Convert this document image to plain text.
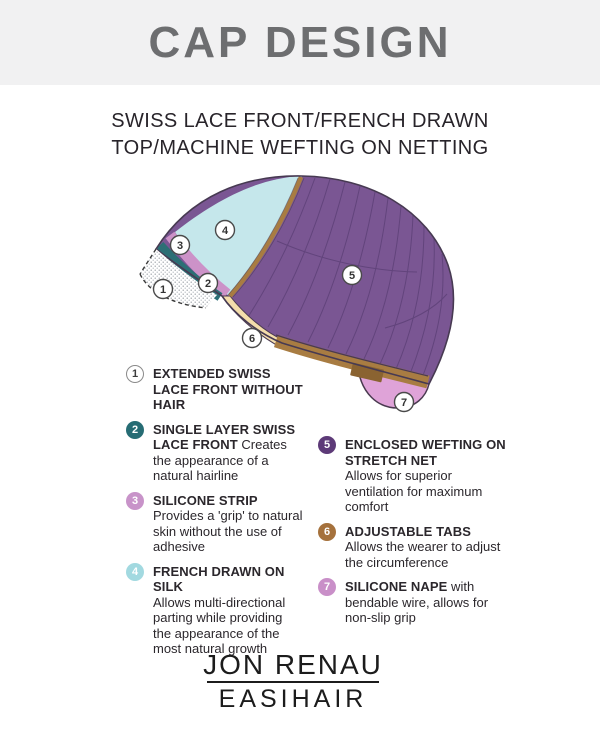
CAP DESIGN
SWISS LACE FRONT/FRENCH DRAWN
TOP/MACHINE WEFTING ON NETTING
1	2
3
4
5
6
7
1	EXTENDED SWISS LACE FRONT WITHOUT HAIR
2	SINGLE LAYER SWISS LACE FRONT Creates the appearance of a natural hairline
3	SILICONE STRIP Provides a 'grip' to natural skin without the use of adhesive
4	FRENCH DRAWN ON SILK
Allows multi-directional parting while providing the appearance of the most natural growth
5	ENCLOSED WEFTING ON STRETCH NET
Allows for superior ventilation for maximum comfort
6	ADJUSTABLE TABS
Allows the wearer to adjust the circumference
7	SILICONE NAPE with bendable wire, allows for non-slip grip
JON RENAU
EASIHAIR
